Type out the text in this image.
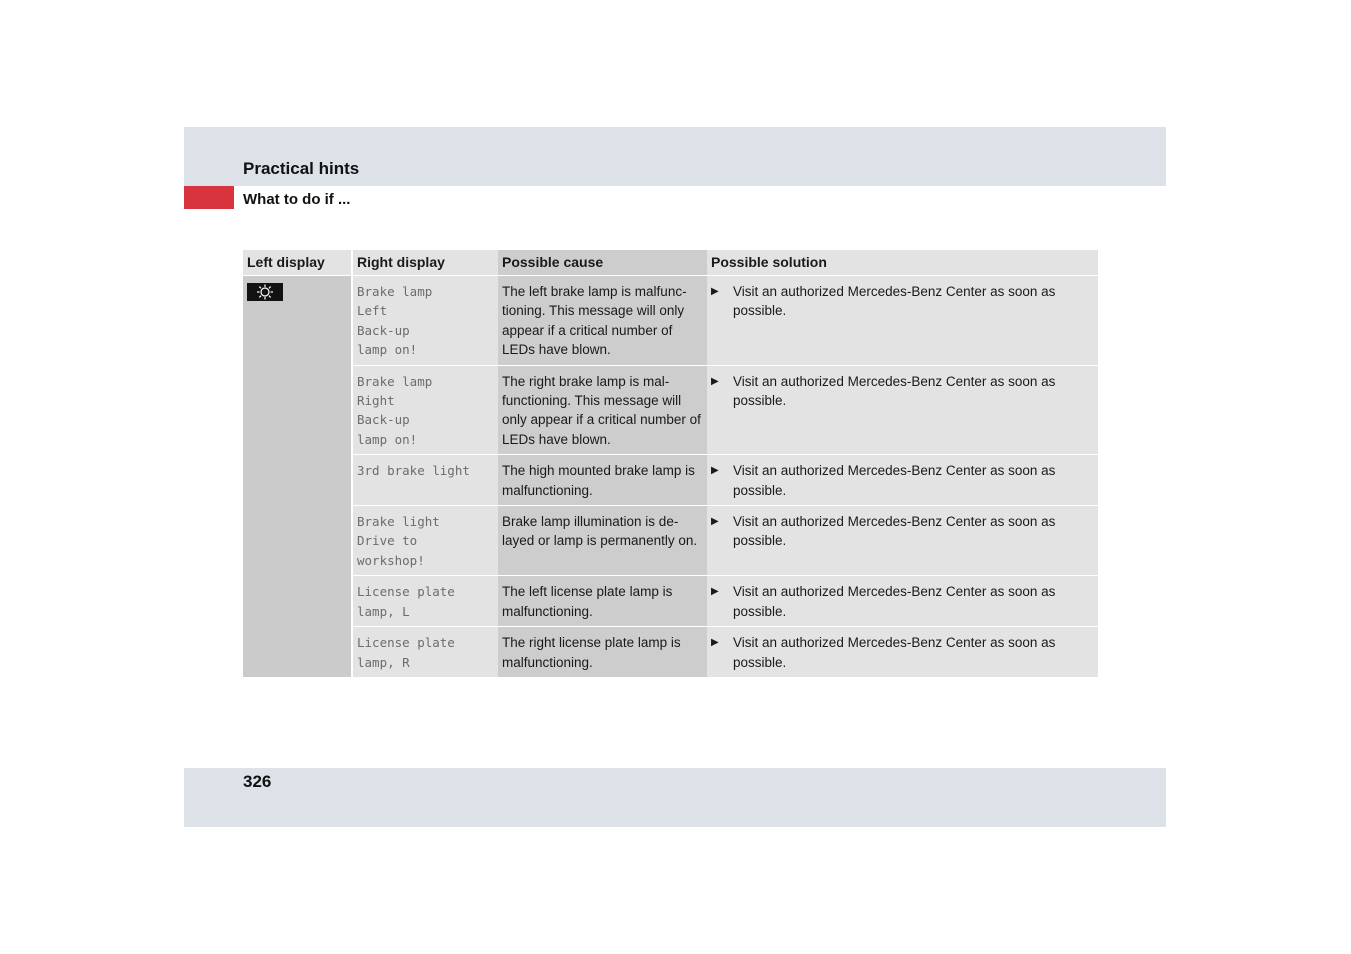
Practical hints
What to do if ...
Left display	Right display	Possible cause	Possible solution

	Brake lamp
Left
Back-up
lamp on!	The left brake lamp is malfunc-tioning. This message will only appear if a critical number of LEDs have blown.	▶ Visit an authorized Mercedes-Benz Center as soon as possible.

	Brake lamp
Right
Back-up
lamp on!	The right brake lamp is mal-functioning. This message will only appear if a critical number of LEDs have blown.	▶ Visit an authorized Mercedes-Benz Center as soon as possible.

	3rd brake light	The high mounted brake lamp is malfunctioning.	▶ Visit an authorized Mercedes-Benz Center as soon as possible.

	Brake light
Drive to
workshop!	Brake lamp illumination is de-layed or lamp is permanently on.	▶ Visit an authorized Mercedes-Benz Center as soon as possible.

	License plate
lamp, L	The left license plate lamp is malfunctioning.	▶ Visit an authorized Mercedes-Benz Center as soon as possible.

	License plate
lamp, R	The right license plate lamp is malfunctioning.	▶ Visit an authorized Mercedes-Benz Center as soon as possible.
326
